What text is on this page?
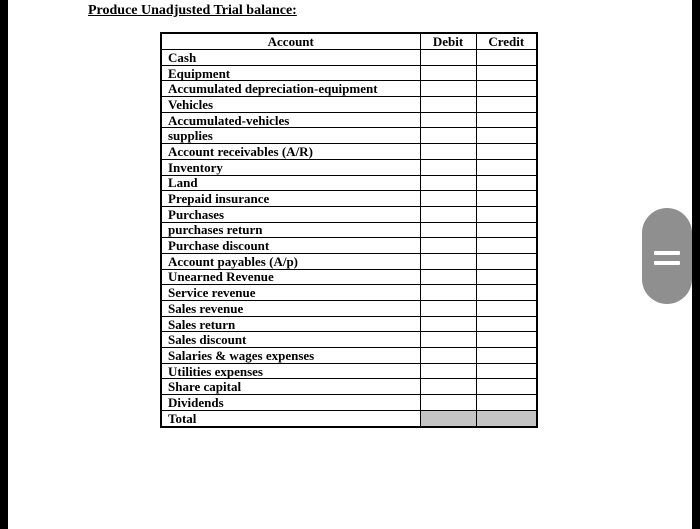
Produce Unadjusted Trial balance:
Account	Debit	Credit
Cash		
Equipment		
Accumulated depreciation-equipment		
Vehicles		
Accumulated-vehicles		
supplies		
Account receivables (A/R)		
Inventory		
Land		
Prepaid insurance		
Purchases		
purchases return		
Purchase discount		
Account payables (A/p)		
Unearned Revenue		
Service revenue		
Sales revenue		
Sales return		
Sales discount		
Salaries & wages expenses		
Utilities expenses		
Share capital		
Dividends		
Total		
